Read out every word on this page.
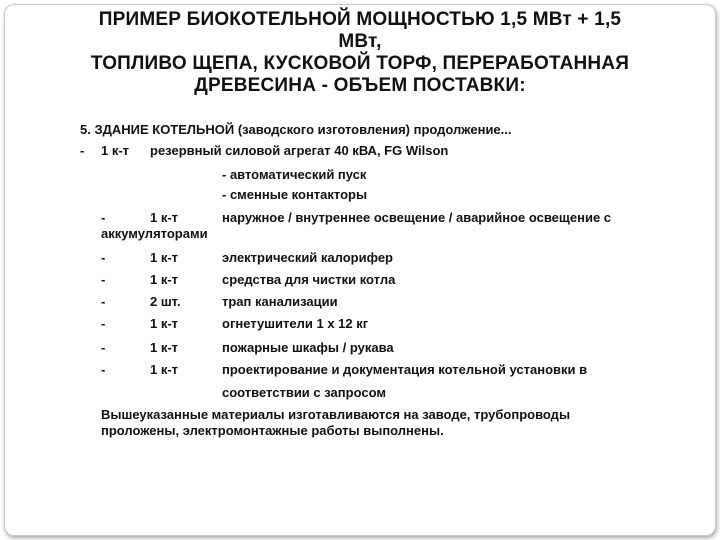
ПРИМЕР БИОКОТЕЛЬНОЙ МОЩНОСТЬЮ 1,5 МВт + 1,5
МВт,
ТОПЛИВО ЩЕПА, КУСКОВОЙ ТОРФ, ПЕРЕРАБОТАННАЯ
ДРЕВЕСИНА - ОБЪЕМ ПОСТАВКИ:
5. ЗДАНИЕ КОТЕЛЬНОЙ (заводского изготовления) продолжение...
- 1 к-т резервный силовой агрегат 40 кВА, FG Wilson
- автоматический пуск
- сменные контакторы
-	1 к-т	наружное / внутреннее освещение / аварийное освещение с
аккумуляторами
-	1 к-т	электрический калорифер
-	1 к-т	средства для чистки котла
-	2 шт.	трап канализации
-	1 к-т	огнетушители 1 х 12 кг
-	1 к-т	пожарные шкафы / рукава
-	1 к-т	проектирование и документация котельной установки в
соответствии с запросом
Вышеуказанные материалы изготавливаются на заводе, трубопроводы проложены, электромонтажные работы выполнены.
